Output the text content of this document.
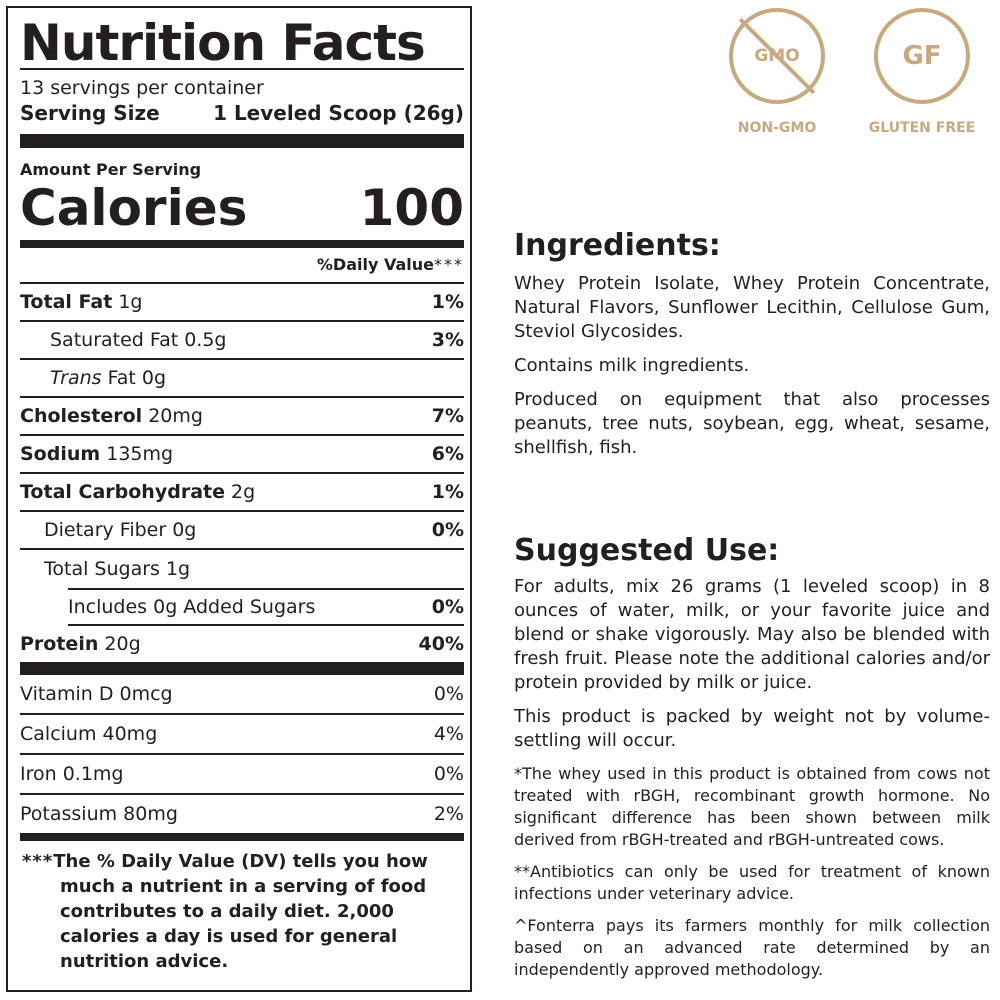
Nutrition Facts
13 servings per container
Serving Size	1 Leveled Scoop (26g)
Amount Per Serving
Calories 100
%Daily Value***
Total Fat 1g	1%
Saturated Fat 0.5g	3%
Trans Fat 0g
Cholesterol 20mg	7%
Sodium 135mg	6%
Total Carbohydrate 2g	1%
Dietary Fiber 0g	0%
Total Sugars 1g
Includes 0g Added Sugars	0%
Protein 20g	40%
Vitamin D 0mcg	0%
Calcium 40mg	4%
Iron 0.1mg	0%
Potassium 80mg	2%
***The % Daily Value (DV) tells you how much a nutrient in a serving of food contributes to a daily diet. 2,000 calories a day is used for general nutrition advice.
GMO
NON-GMO
GF
GLUTEN FREE
Ingredients:

Whey Protein Isolate, Whey Protein Concentrate, Natural Flavors, Sunflower Lecithin, Cellulose Gum, Steviol Glycosides.

Contains milk ingredients.

Produced on equipment that also processes peanuts, tree nuts, soybean, egg, wheat, sesame, shellfish, fish.

Suggested Use:

For adults, mix 26 grams (1 leveled scoop) in 8 ounces of water, milk, or your favorite juice and blend or shake vigorously. May also be blended with fresh fruit. Please note the additional calories and/or protein provided by milk or juice.

This product is packed by weight not by volume-settling will occur.

*The whey used in this product is obtained from cows not treated with rBGH, recombinant growth hormone. No significant difference has been shown between milk derived from rBGH-treated and rBGH-untreated cows.

**Antibiotics can only be used for treatment of known infections under veterinary advice.

^Fonterra pays its farmers monthly for milk collection based on an advanced rate determined by an independently approved methodology.
